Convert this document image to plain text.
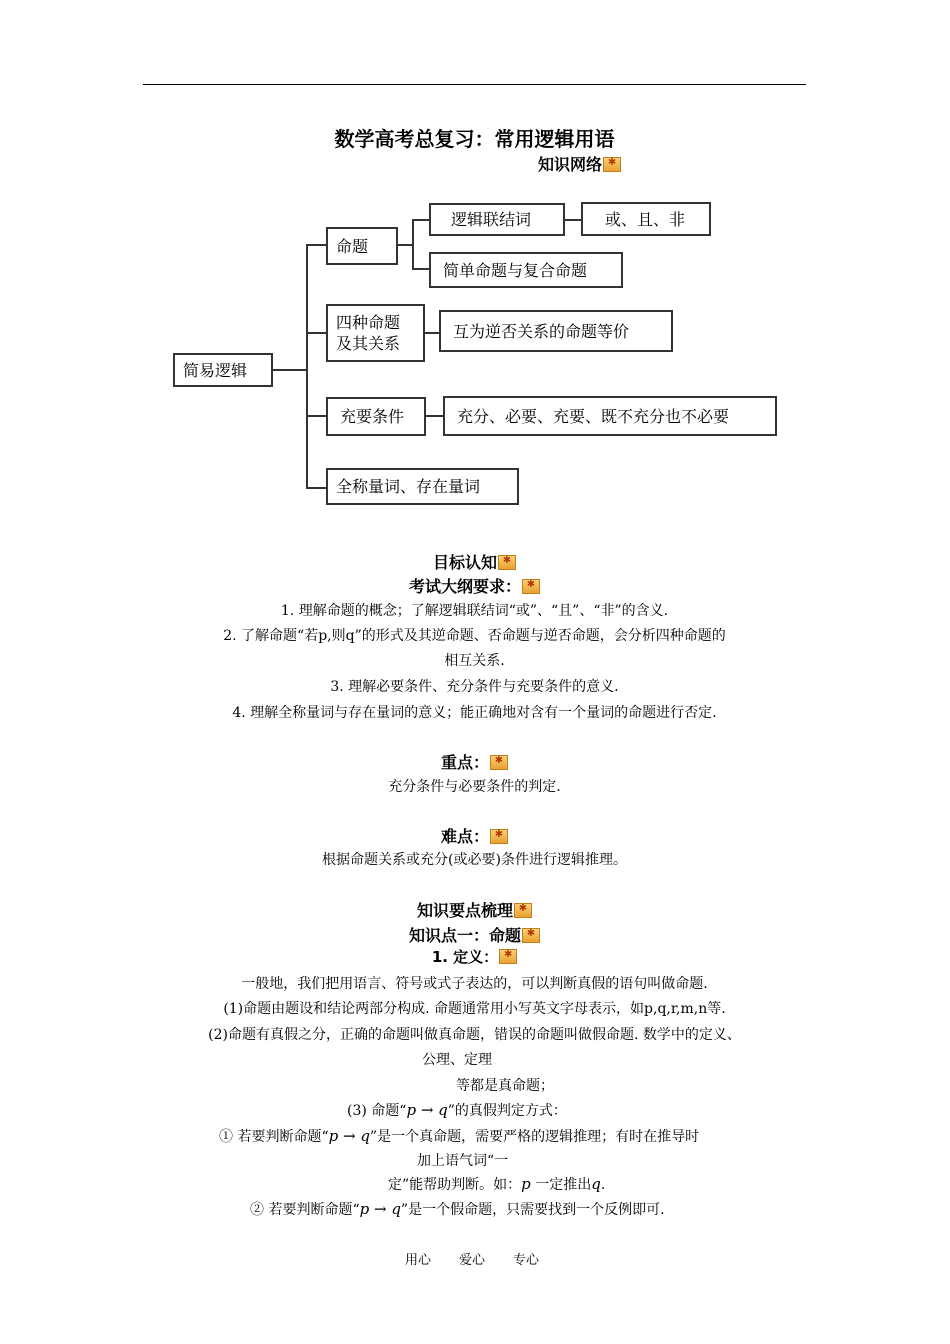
数学高考总复习：常用逻辑用语
知识网络✱
简易逻辑
命题
逻辑联结词	或、且、非
简单命题与复合命题
四种命题
及其关系
互为逆否关系的命题等价
充要条件	充分、必要、充要、既不充分也不必要
全称量词、存在量词
目标认知✱
考试大纲要求：✱
1. 理解命题的概念；了解逻辑联结词“或”、“且”、“非”的含义.
2. 了解命题“若p,则q”的形式及其逆命题、否命题与逆否命题，会分析四种命题的
相互关系.
3. 理解必要条件、充分条件与充要条件的意义.
4. 理解全称量词与存在量词的意义；能正确地对含有一个量词的命题进行否定.
重点：✱
充分条件与必要条件的判定.
难点：✱
根据命题关系或充分(或必要)条件进行逻辑推理。
知识要点梳理✱
知识点一：命题✱
1. 定义：✱
一般地，我们把用语言、符号或式子表达的，可以判断真假的语句叫做命题.
(1)命题由题设和结论两部分构成. 命题通常用小写英文字母表示，如p,q,r,m,n等.
(2)命题有真假之分，正确的命题叫做真命题，错误的命题叫做假命题. 数学中的定义、
公理、定理
等都是真命题；
(3) 命题“p → q”的真假判定方式：
① 若要判断命题“p → q”是一个真命题，需要严格的逻辑推理；有时在推导时
加上语气词“一
定”能帮助判断。如：p 一定推出q.
② 若要判断命题“p → q”是一个假命题，只需要找到一个反例即可.
用心 爱心 专心
